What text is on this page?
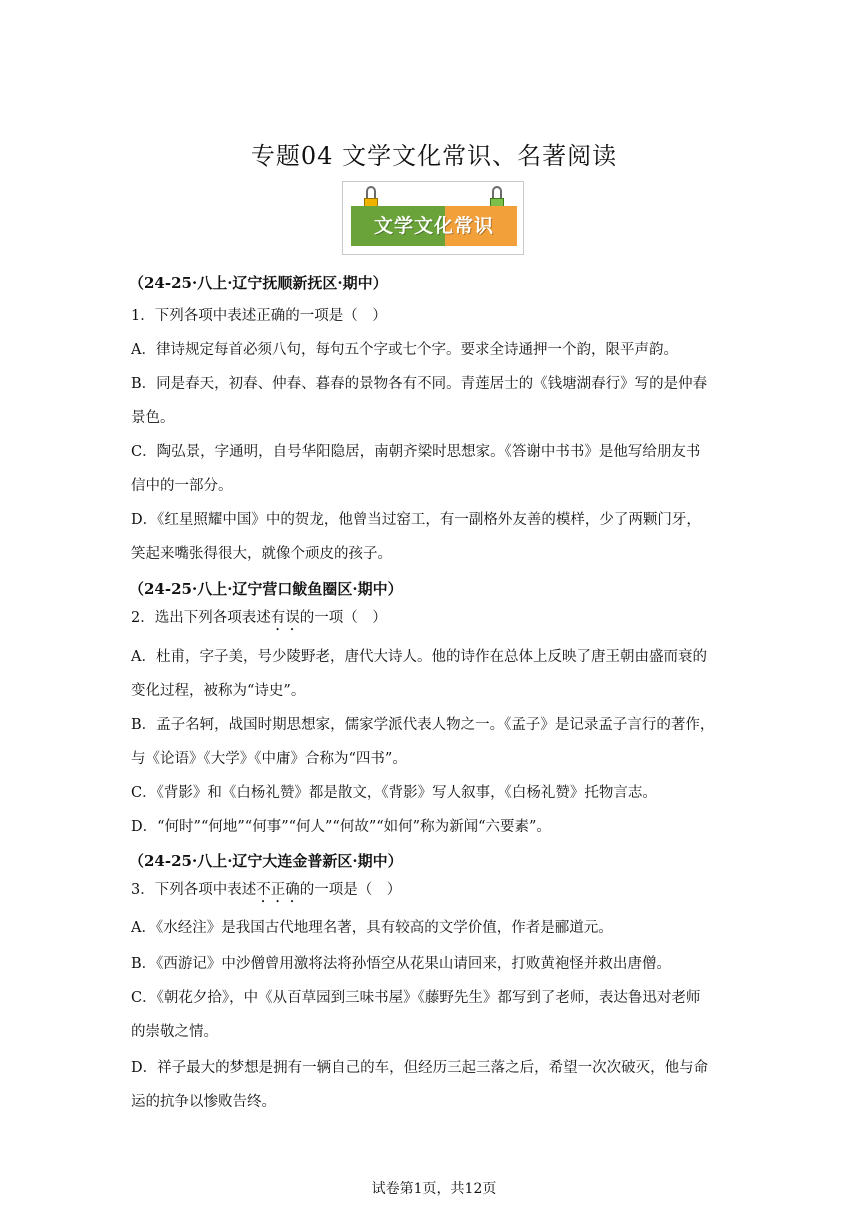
专题04 文学文化常识、名著阅读
文学文化常识

（24-25·八上·辽宁抚顺新抚区·期中）

1．下列各项中表述正确的一项是（　）

A．律诗规定每首必须八句，每句五个字或七个字。要求全诗通押一个韵，限平声韵。

B．同是春天，初春、仲春、暮春的景物各有不同。青莲居士的《钱塘湖春行》写的是仲春

景色。

C．陶弘景，字通明，自号华阳隐居，南朝齐梁时思想家。《答谢中书书》是他写给朋友书

信中的一部分。

D．《红星照耀中国》中的贺龙，他曾当过窑工，有一副格外友善的模样，少了两颗门牙，

笑起来嘴张得很大，就像个顽皮的孩子。

（24-25·八上·辽宁营口鲅鱼圈区·期中）

2．选出下列各项表述有误的一项（　）

A．杜甫，字子美，号少陵野老，唐代大诗人。他的诗作在总体上反映了唐王朝由盛而衰的

变化过程，被称为“诗史”。

B．孟子名轲，战国时期思想家，儒家学派代表人物之一。《孟子》是记录孟子言行的著作，

与《论语》《大学》《中庸》合称为“四书”。

C．《背影》和《白杨礼赞》都是散文，《背影》写人叙事，《白杨礼赞》托物言志。

D．“何时”“何地”“何事”“何人”“何故”“如何”称为新闻“六要素”。

（24-25·八上·辽宁大连金普新区·期中）

3．下列各项中表述不正确的一项是（　）

A．《水经注》是我国古代地理名著，具有较高的文学价值，作者是郦道元。

B．《西游记》中沙僧曾用激将法将孙悟空从花果山请回来，打败黄袍怪并救出唐僧。

C．《朝花夕拾》，中《从百草园到三味书屋》《藤野先生》都写到了老师，表达鲁迅对老师

的崇敬之情。

D．祥子最大的梦想是拥有一辆自己的车，但经历三起三落之后，希望一次次破灭，他与命

运的抗争以惨败告终。

试卷第1页，共12页
